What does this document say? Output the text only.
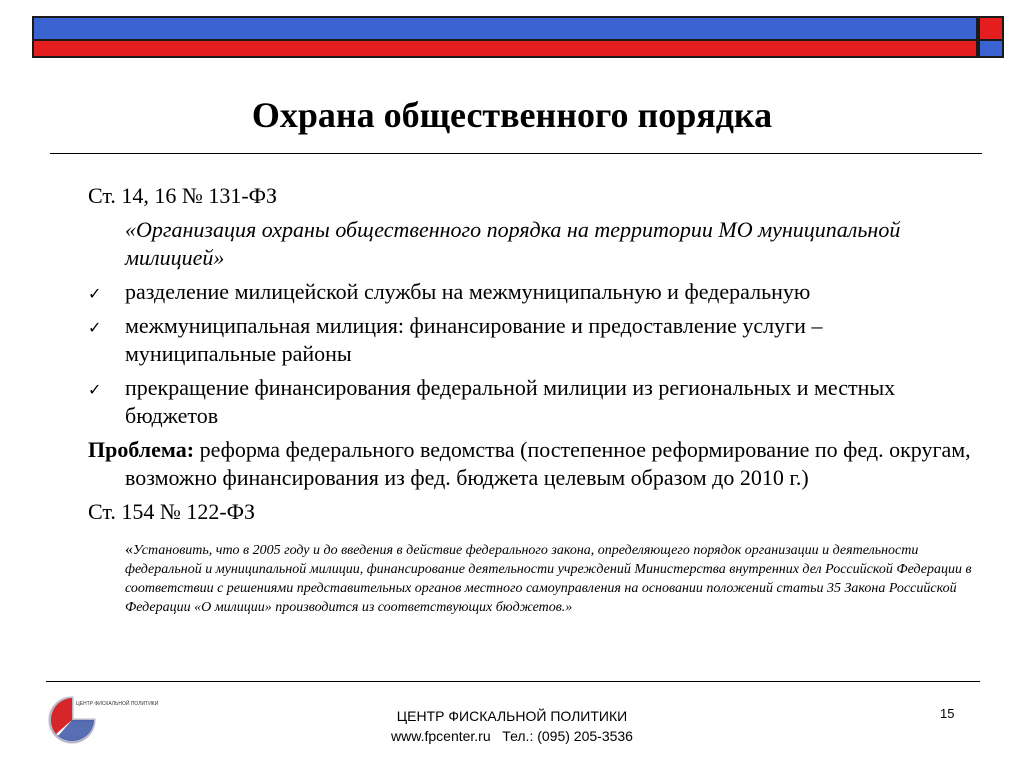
Охрана общественного порядка
Ст. 14, 16 № 131-ФЗ
«Организация охраны общественного порядка на территории МО муниципальной милицией»
✓ разделение милицейской службы на межмуниципальную и федеральную
✓ межмуниципальная милиция: финансирование и предоставление услуги – муниципальные районы
✓ прекращение финансирования федеральной милиции из региональных и местных бюджетов
Проблема: реформа федерального ведомства (постепенное реформирование по фед. округам, возможно финансирования из фед. бюджета целевым образом до 2010 г.)
Ст. 154 № 122-ФЗ
«Установить, что в 2005 году и до введения в действие федерального закона, определяющего порядок организации и деятельности федеральной и муниципальной милиции, финансирование деятельности учреждений Министерства внутренних дел Российской Федерации в соответствии с решениями представительных органов местного самоуправления на основании положений статьи 35 Закона Российской Федерации «О милиции» производится из соответствующих бюджетов.»
ЦЕНТР ФИСКАЛЬНОЙ ПОЛИТИКИ
ЦЕНТР ФИСКАЛЬНОЙ ПОЛИТИКИ
www.fpcenter.ru   Тел.: (095) 205-3536
15
